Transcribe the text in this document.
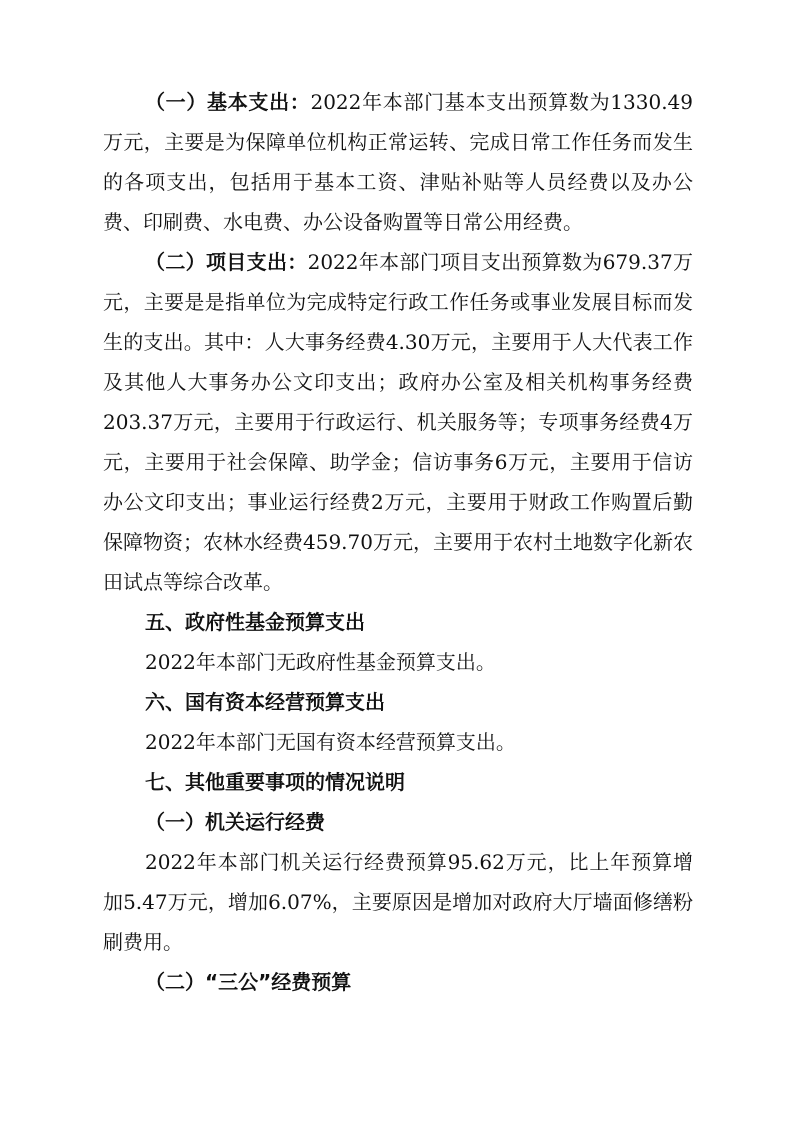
（一）基本支出：2022年本部门基本支出预算数为1330.49万元，主要是为保障单位机构正常运转、完成日常工作任务而发生的各项支出，包括用于基本工资、津贴补贴等人员经费以及办公费、印刷费、水电费、办公设备购置等日常公用经费。

（二）项目支出：2022年本部门项目支出预算数为679.37万元，主要是是指单位为完成特定行政工作任务或事业发展目标而发生的支出。其中：人大事务经费4.30万元，主要用于人大代表工作及其他人大事务办公文印支出；政府办公室及相关机构事务经费203.37万元，主要用于行政运行、机关服务等；专项事务经费4万元，主要用于社会保障、助学金；信访事务6万元，主要用于信访办公文印支出；事业运行经费2万元，主要用于财政工作购置后勤保障物资；农林水经费459.70万元，主要用于农村土地数字化新农田试点等综合改革。

五、政府性基金预算支出

2022年本部门无政府性基金预算支出。

六、国有资本经营预算支出

2022年本部门无国有资本经营预算支出。

七、其他重要事项的情况说明

（一）机关运行经费

2022年本部门机关运行经费预算95.62万元，比上年预算增加5.47万元，增加6.07%，主要原因是增加对政府大厅墙面修缮粉刷费用。

（二）“三公”经费预算
